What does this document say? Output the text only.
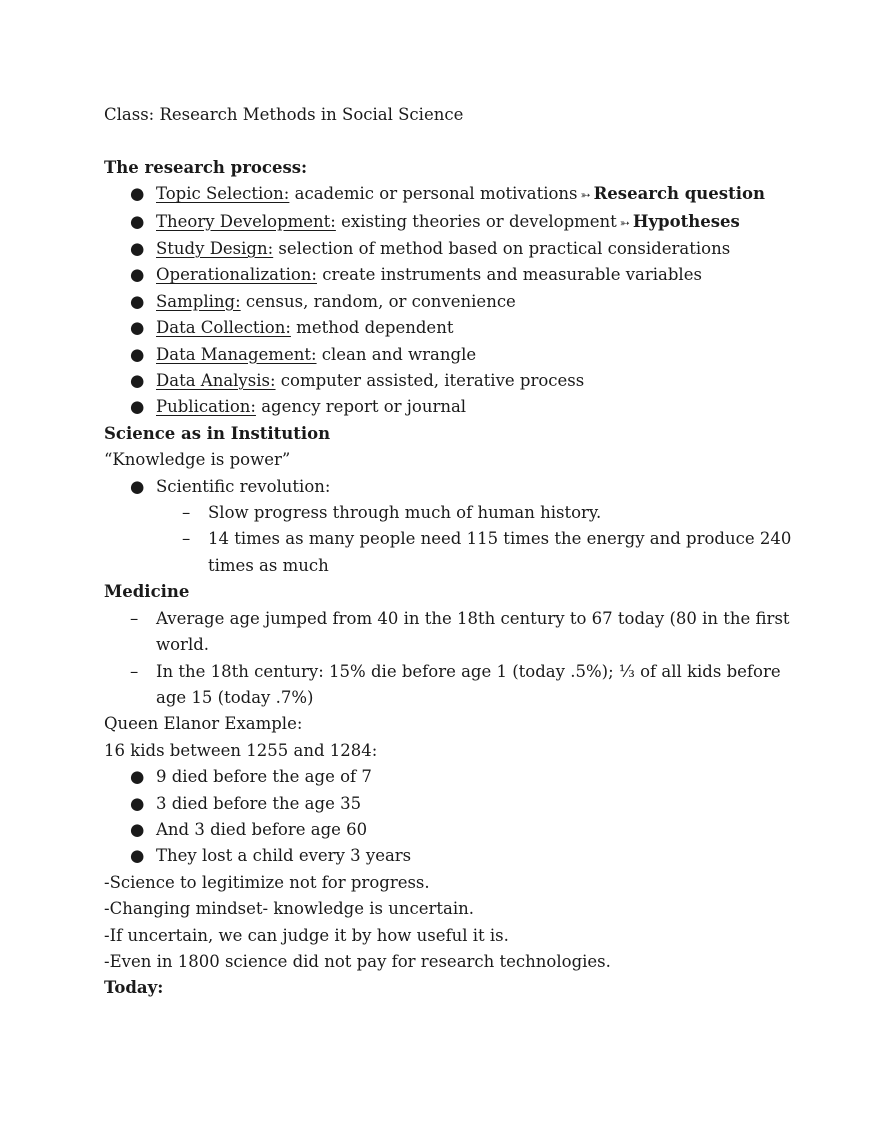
Class: Research Methods in Social Science
The research process:
● Topic Selection: academic or personal motivations ➳ Research question
● Theory Development: existing theories or development ➳ Hypotheses
● Study Design: selection of method based on practical considerations
● Operationalization: create instruments and measurable variables
● Sampling: census, random, or convenience
● Data Collection: method dependent
● Data Management: clean and wrangle
● Data Analysis: computer assisted, iterative process
● Publication: agency report or journal
Science as in Institution
“Knowledge is power”
● Scientific revolution:
– Slow progress through much of human history.
– 14 times as many people need 115 times the energy and produce 240 times as much
Medicine
– Average age jumped from 40 in the 18th century to 67 today (80 in the first world.
– In the 18th century: 15% die before age 1 (today .5%); ⅓ of all kids before age 15 (today .7%)
Queen Elanor Example:
16 kids between 1255 and 1284:
● 9 died before the age of 7
● 3 died before the age 35
● And 3 died before age 60
● They lost a child every 3 years
-Science to legitimize not for progress.
-Changing mindset- knowledge is uncertain.
-If uncertain, we can judge it by how useful it is.
-Even in 1800 science did not pay for research technologies.
Today:
